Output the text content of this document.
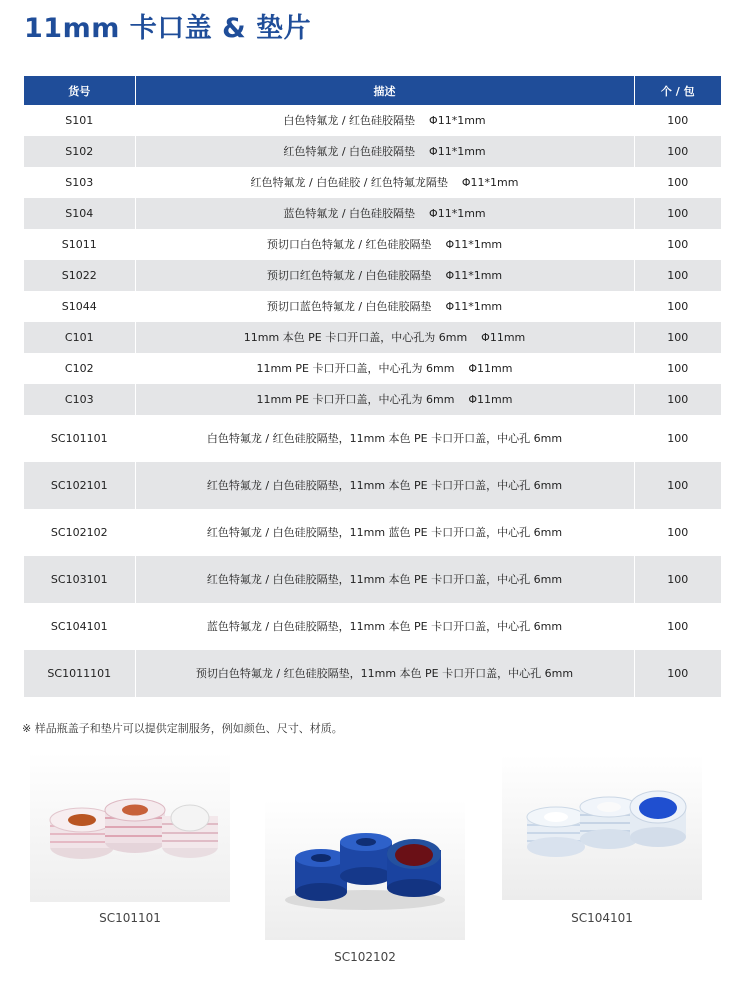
11mm 卡口盖 & 垫片
货号	描述	个 / 包
S101	白色特氟龙 / 红色硅胶隔垫    Φ11*1mm	100
S102	红色特氟龙 / 白色硅胶隔垫    Φ11*1mm	100
S103	红色特氟龙 / 白色硅胶 / 红色特氟龙隔垫    Φ11*1mm	100
S104	蓝色特氟龙 / 白色硅胶隔垫    Φ11*1mm	100
S1011	预切口白色特氟龙 / 红色硅胶隔垫    Φ11*1mm	100
S1022	预切口红色特氟龙 / 白色硅胶隔垫    Φ11*1mm	100
S1044	预切口蓝色特氟龙 / 白色硅胶隔垫    Φ11*1mm	100
C101	11mm 本色 PE 卡口开口盖，中心孔为 6mm    Φ11mm	100
C102	11mm PE 卡口开口盖，中心孔为 6mm    Φ11mm	100
C103	11mm PE 卡口开口盖，中心孔为 6mm    Φ11mm	100
SC101101	白色特氟龙 / 红色硅胶隔垫，11mm 本色 PE 卡口开口盖，中心孔 6mm	100
SC102101	红色特氟龙 / 白色硅胶隔垫，11mm 本色 PE 卡口开口盖，中心孔 6mm	100
SC102102	红色特氟龙 / 白色硅胶隔垫，11mm 蓝色 PE 卡口开口盖，中心孔 6mm	100
SC103101	红色特氟龙 / 白色硅胶隔垫，11mm 本色 PE 卡口开口盖，中心孔 6mm	100
SC104101	蓝色特氟龙 / 白色硅胶隔垫，11mm 本色 PE 卡口开口盖，中心孔 6mm	100
SC1011101	预切白色特氟龙 / 红色硅胶隔垫，11mm 本色 PE 卡口开口盖，中心孔 6mm	100
※ 样品瓶盖子和垫片可以提供定制服务，例如颜色、尺寸、材质。
SC101101
SC102102
SC104101
